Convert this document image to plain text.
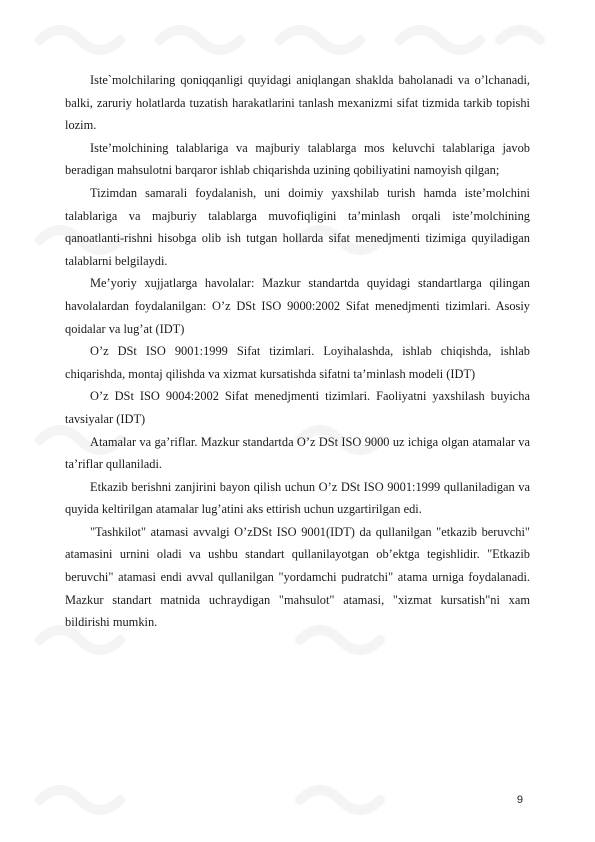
Iste`molchilaring qoniqqanligi quyidagi aniqlangan shaklda baholanadi va o’lchanadi, balki, zaruriy holatlarda tuzatish harakatlarini tanlash mexanizmi sifat tizmida tarkib topishi lozim.

Iste’molchining talablariga va majburiy talablarga mos keluvchi talablariga javob beradigan mahsulotni barqaror ishlab chiqarishda uzining qobiliyatini namoyish qilgan;

Tizimdan samarali foydalanish, uni doimiy yaxshilab turish hamda iste’molchini talablariga va majburiy talablarga muvofiqligini ta’minlash orqali iste’molchining qanoatlanti-rishni hisobga olib ish tutgan hollarda sifat menedjmenti tizimiga quyiladigan talablarni belgilaydi.

Me’yoriy xujjatlarga havolalar: Mazkur standartda quyidagi standartlarga qilingan havolalardan foydalanilgan: O’z DSt ISO 9000:2002 Sifat menedjmenti tizimlari. Asosiy qoidalar va lug’at (IDT)

O’z DSt ISO 9001:1999 Sifat tizimlari. Loyihalashda, ishlab chiqishda, ishlab chiqarishda, montaj qilishda va xizmat kursatishda sifatni ta’minlash modeli (IDT)

O’z DSt ISO 9004:2002 Sifat menedjmenti tizimlari. Faoliyatni yaxshilash buyicha tavsiyalar (IDT)

Atamalar va ga’riflar. Mazkur standartda O’z DSt ISO 9000 uz ichiga olgan atamalar va ta’riflar qullaniladi.

Etkazib berishni zanjirini bayon qilish uchun O’z DSt ISO 9001:1999 qullaniladigan va quyida keltirilgan atamalar lug’atini aks ettirish uchun uzgartirilgan edi.

"Tashkilot" atamasi avvalgi O’zDSt ISO 9001(IDT) da qullanilgan "etkazib beruvchi" atamasini urnini oladi va ushbu standart qullanilayotgan ob’ektga tegishlidir. "Etkazib beruvchi" atamasi endi avval qullanilgan "yordamchi pudratchi" atama urniga foydalanadi. Mazkur standart matnida uchraydigan "mahsulot" atamasi, "xizmat kursatish"ni xam bildirishi mumkin.

9
